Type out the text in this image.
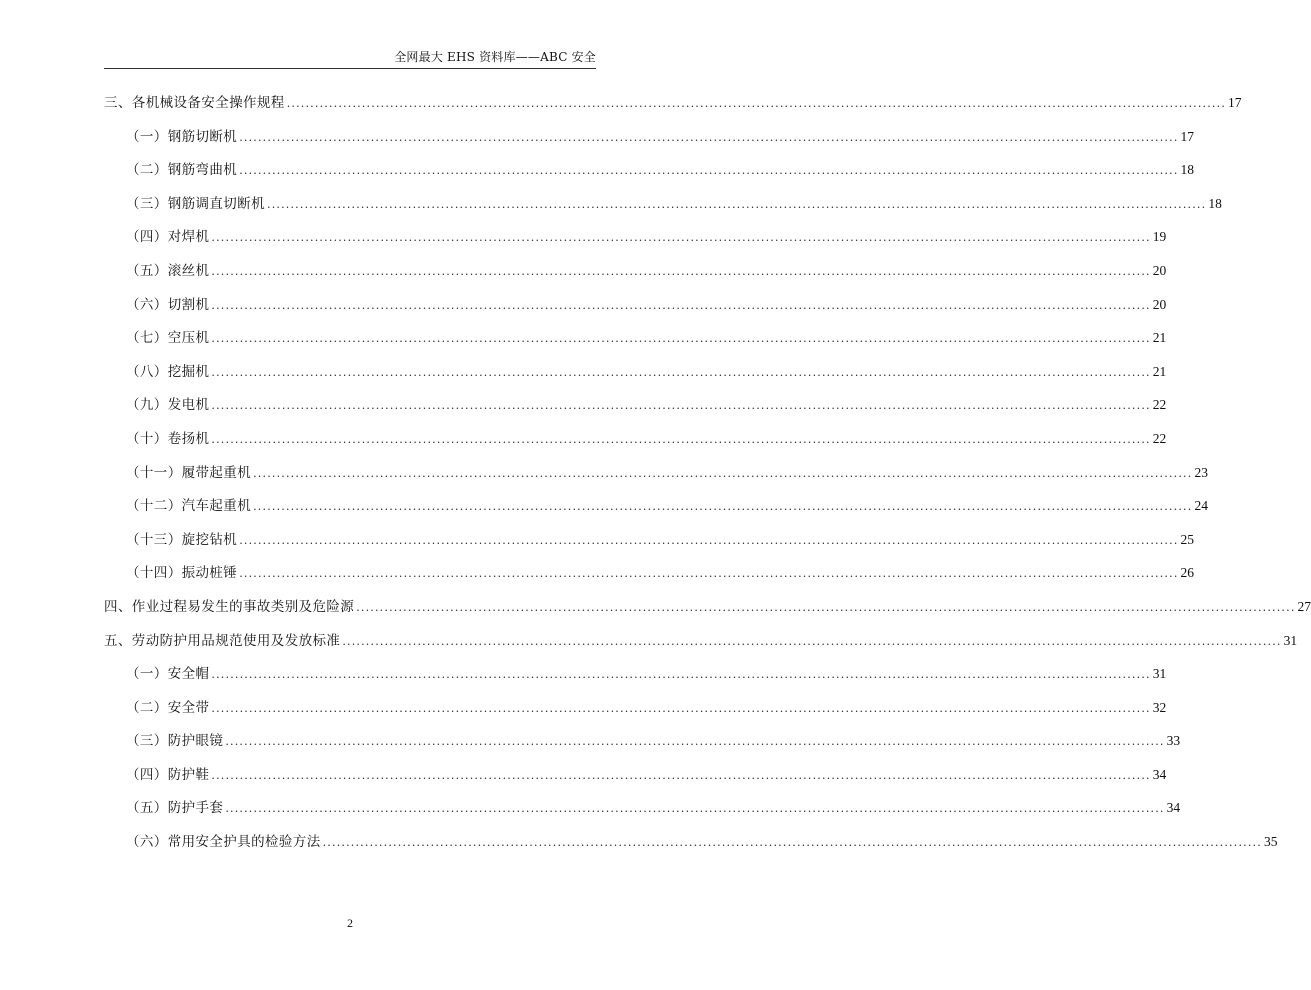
全网最大 EHS 资料库——ABC 安全
三、各机械设备安全操作规程 ........................................................................................................................................................................................................ 17
（一）钢筋切断机 ........................................................................................................................................................................................................ 17
（二）钢筋弯曲机 ........................................................................................................................................................................................................ 18
（三）钢筋调直切断机 ........................................................................................................................................................................................................ 18
（四）对焊机 ........................................................................................................................................................................................................ 19
（五）滚丝机 ........................................................................................................................................................................................................ 20
（六）切割机 ........................................................................................................................................................................................................ 20
（七）空压机 ........................................................................................................................................................................................................ 21
（八）挖掘机 ........................................................................................................................................................................................................ 21
（九）发电机 ........................................................................................................................................................................................................ 22
（十）卷扬机 ........................................................................................................................................................................................................ 22
（十一）履带起重机 ........................................................................................................................................................................................................ 23
（十二）汽车起重机 ........................................................................................................................................................................................................ 24
（十三）旋挖钻机 ........................................................................................................................................................................................................ 25
（十四）振动桩锤 ........................................................................................................................................................................................................ 26
四、作业过程易发生的事故类别及危险源 ........................................................................................................................................................................................................ 27
五、劳动防护用品规范使用及发放标准 ........................................................................................................................................................................................................ 31
（一）安全帽 ........................................................................................................................................................................................................ 31
（二）安全带 ........................................................................................................................................................................................................ 32
（三）防护眼镜 ........................................................................................................................................................................................................ 33
（四）防护鞋 ........................................................................................................................................................................................................ 34
（五）防护手套 ........................................................................................................................................................................................................ 34
（六）常用安全护具的检验方法 ........................................................................................................................................................................................................ 35
2
